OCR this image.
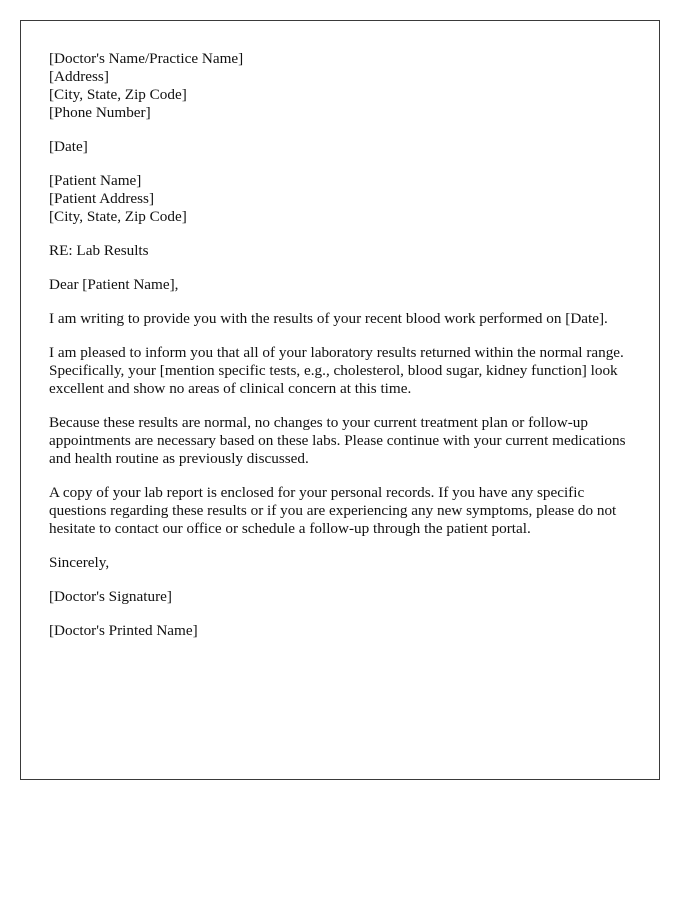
[Doctor's Name/Practice Name]
[Address]
[City, State, Zip Code]
[Phone Number]
[Date]
[Patient Name]
[Patient Address]
[City, State, Zip Code]

RE: Lab Results

Dear [Patient Name],

I am writing to provide you with the results of your recent blood work performed on [Date].

I am pleased to inform you that all of your laboratory results returned within the normal range. Specifically, your [mention specific tests, e.g., cholesterol, blood sugar, kidney function] look excellent and show no areas of clinical concern at this time.

Because these results are normal, no changes to your current treatment plan or follow-up appointments are necessary based on these labs. Please continue with your current medications and health routine as previously discussed.

A copy of your lab report is enclosed for your personal records. If you have any specific questions regarding these results or if you are experiencing any new symptoms, please do not hesitate to contact our office or schedule a follow-up through the patient portal.

Sincerely,

[Doctor's Signature]

[Doctor's Printed Name]
